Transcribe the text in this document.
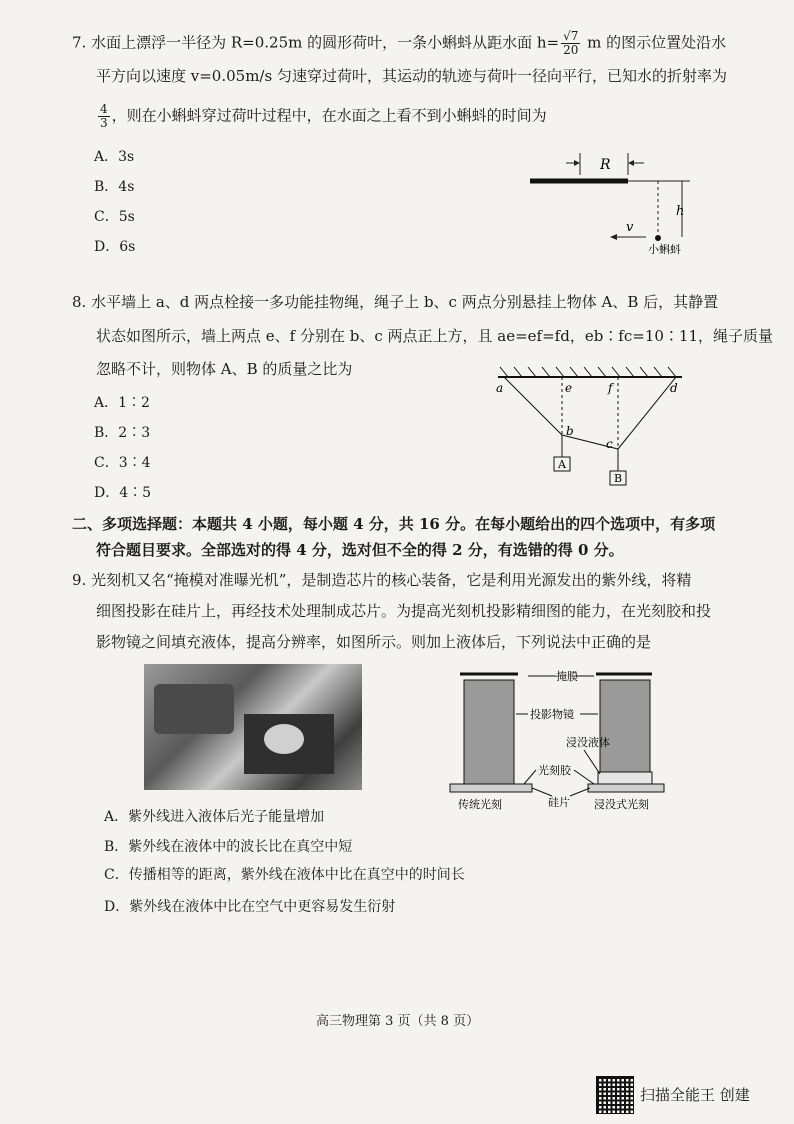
7. 水面上漂浮一半径为 R=0.25m 的圆形荷叶，一条小蝌蚪从距水面 $h= \frac{√7}{20}$ m 的图示位置处沿水
平方向以速度 v=0.05m/s 匀速穿过荷叶，其运动的轨迹与荷叶一径向平行，已知水的折射率为
$\frac{4}{3}$ ，则在小蝌蚪穿过荷叶过程中，在水面之上看不到小蝌蚪的时间为
A．3s
B．4s
C．5s
D．6s
R
h
v
小蝌蚪
8. 水平墙上 a、d 两点栓接一多功能挂物绳，绳子上 b、c 两点分别悬挂上物体 A、B 后，其静置
状态如图所示，墙上两点 e、f 分别在 b、c 两点正上方，且 ae=ef=fd，eb∶fc=10∶11，绳子质量
忽略不计，则物体 A、B 的质量之比为
A．1∶2
B．2∶3
C．3∶4
D．4∶5
a	e	f	d
b
c
A
B
二、多项选择题：本题共 4 小题，每小题 4 分，共 16 分。在每小题给出的四个选项中，有多项
符合题目要求。全部选对的得 4 分，选对但不全的得 2 分，有选错的得 0 分。
9. 光刻机又名“掩模对准曝光机”，是制造芯片的核心装备，它是利用光源发出的紫外线，将精
细图投影在硅片上，再经技术处理制成芯片。为提高光刻机投影精细图的能力，在光刻胶和投
影物镜之间填充液体，提高分辨率，如图所示。则加上液体后，下列说法中正确的是
掩膜
投影物镜
浸没液体
光刻胶
硅片
传统光刻	浸没式光刻
A．紫外线进入液体后光子能量增加
B．紫外线在液体中的波长比在真空中短
C．传播相等的距离，紫外线在液体中比在真空中的时间长
D．紫外线在液体中比在空气中更容易发生衍射
高三物理第 3 页（共 8 页）
扫描全能王 创建
